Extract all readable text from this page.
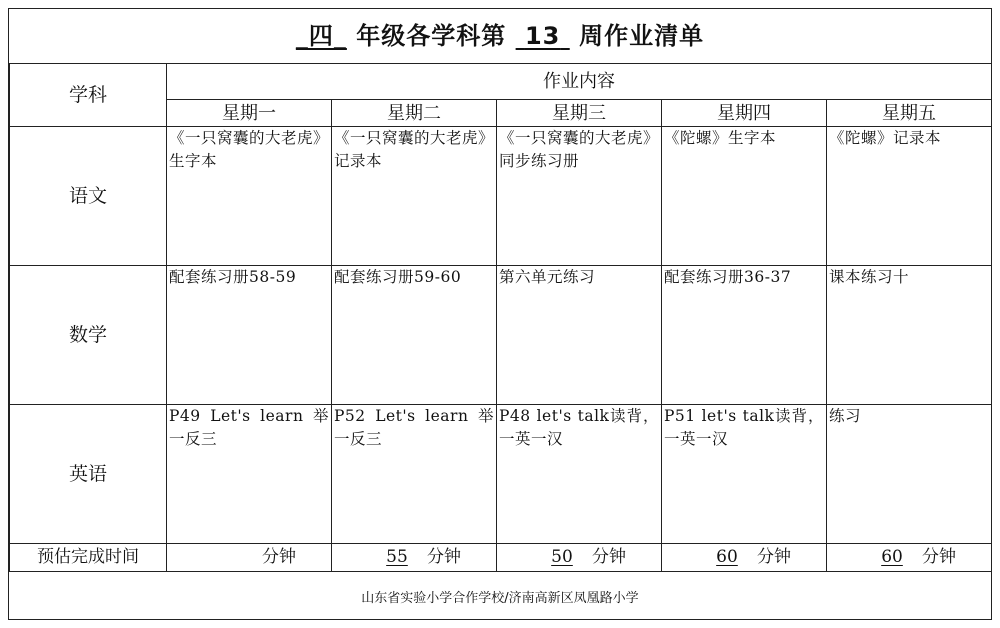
_四_ 年级各学科第 13 周作业清单
学科	作业内容				
	星期一	星期二	星期三	星期四	星期五
语文	《一只窝囊的大老虎》生字本	《一只窝囊的大老虎》记录本	《一只窝囊的大老虎》同步练习册	《陀螺》生字本	《陀螺》记录本

数学	配套练习册58-59	配套练习册59-60	第六单元练习	配套练习册36-37	课本练习十

英语	P49 Let's learn 举一反三	P52 Let's learn 举一反三	P48 let's talk读背，一英一汉	P51 let's talk读背，一英一汉	练习

预估完成时间	分钟	55 分钟	50 分钟	60 分钟	60 分钟
山东省实验小学合作学校/济南高新区凤凰路小学
